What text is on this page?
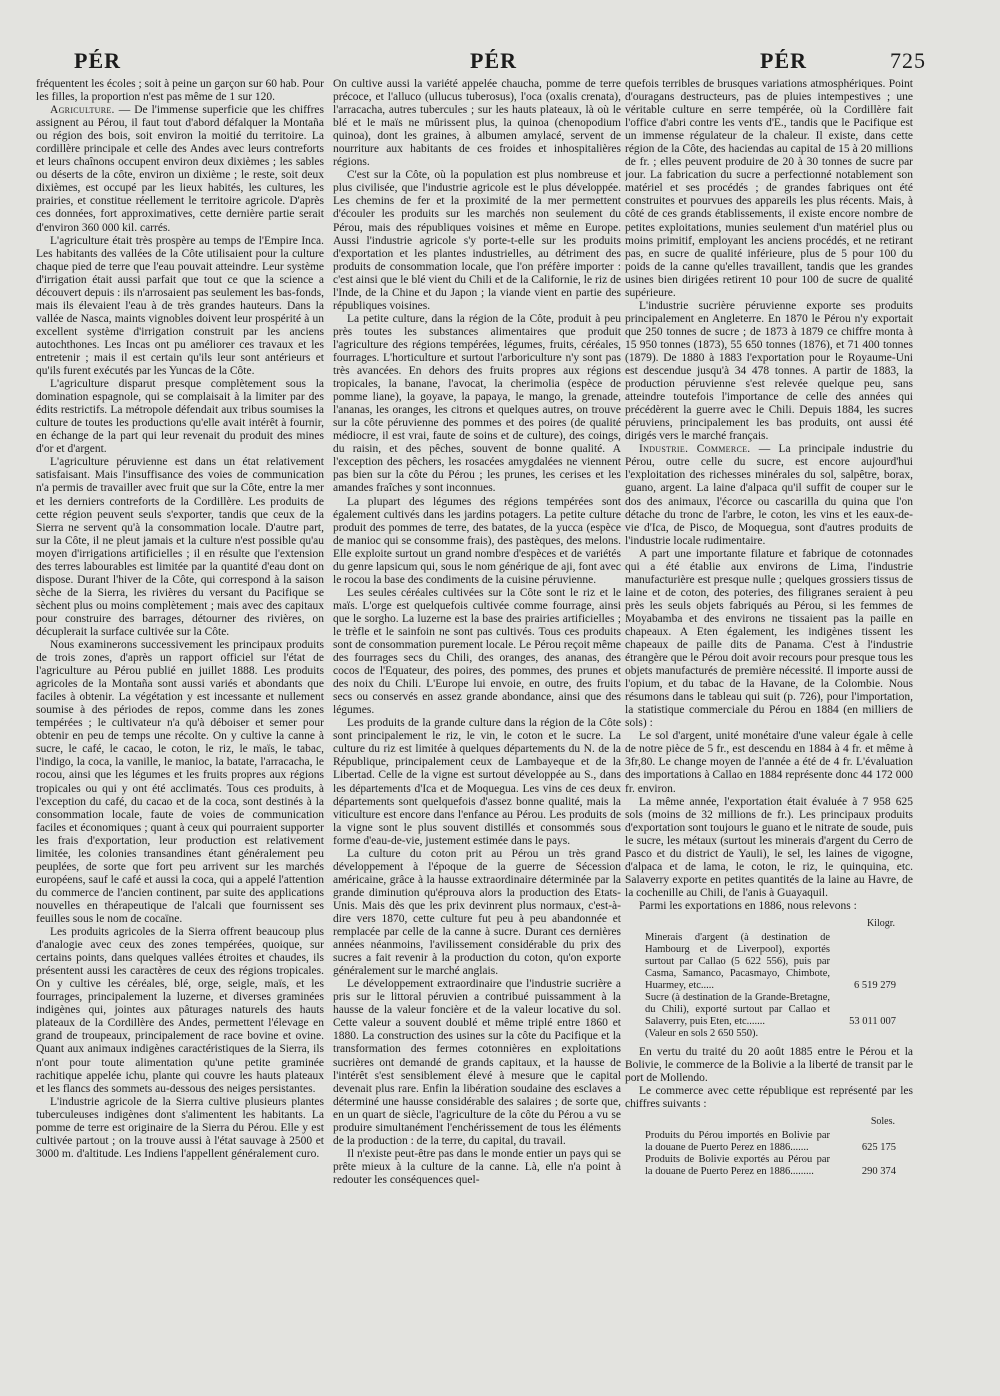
PÉR	PÉR	PÉR	725

fréquentent les écoles ; soit à peine un garçon sur 60 hab. Pour les filles, la proportion n'est pas même de 1 sur 120.

Agriculture. — De l'immense superficie que les chiffres assignent au Pérou, il faut tout d'abord défalquer la Montaña ou région des bois, soit environ la moitié du territoire. La cordillère principale et celle des Andes avec leurs contreforts et leurs chaînons occupent environ deux dixièmes ; les sables ou déserts de la côte, environ un dixième ; le reste, soit deux dixièmes, est occupé par les lieux habités, les cultures, les prairies, et constitue réellement le territoire agricole. D'après ces données, fort approximatives, cette dernière partie serait d'environ 360 000 kil. carrés.

L'agriculture était très prospère au temps de l'Empire Inca. Les habitants des vallées de la Côte utilisaient pour la culture chaque pied de terre que l'eau pouvait atteindre. Leur système d'irrigation était aussi parfait que tout ce que la science a découvert depuis : ils n'arrosaient pas seulement les bas-fonds, mais ils élevaient l'eau à de très grandes hauteurs. Dans la vallée de Nasca, maints vignobles doivent leur prospérité à un excellent système d'irrigation construit par les anciens autochthones. Les Incas ont pu améliorer ces travaux et les entretenir ; mais il est certain qu'ils leur sont antérieurs et qu'ils furent exécutés par les Yuncas de la Côte.

L'agriculture disparut presque complètement sous la domination espagnole, qui se complaisait à la limiter par des édits restrictifs. La métropole défendait aux tribus soumises la culture de toutes les productions qu'elle avait intérêt à fournir, en échange de la part qui leur revenait du produit des mines d'or et d'argent.

L'agriculture péruvienne est dans un état relativement satisfaisant. Mais l'insuffisance des voies de communication n'a permis de travailler avec fruit que sur la Côte, entre la mer et les derniers contreforts de la Cordillère. Les produits de cette région peuvent seuls s'exporter, tandis que ceux de la Sierra ne servent qu'à la consommation locale. D'autre part, sur la Côte, il ne pleut jamais et la culture n'est possible qu'au moyen d'irrigations artificielles ; il en résulte que l'extension des terres labourables est limitée par la quantité d'eau dont on dispose. Durant l'hiver de la Côte, qui correspond à la saison sèche de la Sierra, les rivières du versant du Pacifique se sèchent plus ou moins complètement ; mais avec des capitaux pour construire des barrages, détourner des rivières, on décuplerait la surface cultivée sur la Côte.

Nous examinerons successivement les principaux produits de trois zones, d'après un rapport officiel sur l'état de l'agriculture au Pérou publié en juillet 1888. Les produits agricoles de la Montaña sont aussi variés et abondants que faciles à obtenir. La végétation y est incessante et nullement soumise à des périodes de repos, comme dans les zones tempérées ; le cultivateur n'a qu'à déboiser et semer pour obtenir en peu de temps une récolte. On y cultive la canne à sucre, le café, le cacao, le coton, le riz, le maïs, le tabac, l'indigo, la coca, la vanille, le manioc, la batate, l'arracacha, le rocou, ainsi que les légumes et les fruits propres aux régions tropicales ou qui y ont été acclimatés. Tous ces produits, à l'exception du café, du cacao et de la coca, sont destinés à la consommation locale, faute de voies de communication faciles et économiques ; quant à ceux qui pourraient supporter les frais d'exportation, leur production est relativement limitée, les colonies transandines étant généralement peu peuplées, de sorte que fort peu arrivent sur les marchés européens, sauf le café et aussi la coca, qui a appelé l'attention du commerce de l'ancien continent, par suite des applications nouvelles en thérapeutique de l'alcali que fournissent ses feuilles sous le nom de cocaïne.

Les produits agricoles de la Sierra offrent beaucoup plus d'analogie avec ceux des zones tempérées, quoique, sur certains points, dans quelques vallées étroites et chaudes, ils présentent aussi les caractères de ceux des régions tropicales. On y cultive les céréales, blé, orge, seigle, maïs, et les fourrages, principalement la luzerne, et diverses graminées indigènes qui, jointes aux pâturages naturels des hauts plateaux de la Cordillère des Andes, permettent l'élevage en grand de troupeaux, principalement de race bovine et ovine. Quant aux animaux indigènes caractéristiques de la Sierra, ils n'ont pour toute alimentation qu'une petite graminée rachitique appelée ichu, plante qui couvre les hauts plateaux et les flancs des sommets au-dessous des neiges persistantes.

L'industrie agricole de la Sierra cultive plusieurs plantes tuberculeuses indigènes dont s'alimentent les habitants. La pomme de terre est originaire de la Sierra du Pérou. Elle y est cultivée partout ; on la trouve aussi à l'état sauvage à 2500 et 3000 m. d'altitude. Les Indiens l'appellent généralement curo.

On cultive aussi la variété appelée chaucha, pomme de terre précoce, et l'alluco (ullucus tuberosus), l'oca (oxalis crenata), l'arracacha, autres tubercules ; sur les hauts plateaux, là où le blé et le maïs ne mûrissent plus, la quinoa (chenopodium quinoa), dont les graines, à albumen amylacé, servent de nourriture aux habitants de ces froides et inhospitalières régions.

C'est sur la Côte, où la population est plus nombreuse et plus civilisée, que l'industrie agricole est le plus développée. Les chemins de fer et la proximité de la mer permettent d'écouler les produits sur les marchés non seulement du Pérou, mais des républiques voisines et même en Europe. Aussi l'industrie agricole s'y porte-t-elle sur les produits d'exportation et les plantes industrielles, au détriment des produits de consommation locale, que l'on préfère importer : c'est ainsi que le blé vient du Chili et de la Californie, le riz de l'Inde, de la Chine et du Japon ; la viande vient en partie des républiques voisines.

La petite culture, dans la région de la Côte, produit à peu près toutes les substances alimentaires que produit l'agriculture des régions tempérées, légumes, fruits, céréales, fourrages. L'horticulture et surtout l'arboriculture n'y sont pas très avancées. En dehors des fruits propres aux régions tropicales, la banane, l'avocat, la cherimolia (espèce de pomme liane), la goyave, la papaya, le mango, la grenade, l'ananas, les oranges, les citrons et quelques autres, on trouve sur la côte péruvienne des pommes et des poires (de qualité médiocre, il est vrai, faute de soins et de culture), des coings, du raisin, et des pêches, souvent de bonne qualité. A l'exception des pêchers, les rosacées amygdalées ne viennent pas bien sur la côte du Pérou ; les prunes, les cerises et les amandes fraîches y sont inconnues.

La plupart des légumes des régions tempérées sont également cultivés dans les jardins potagers. La petite culture produit des pommes de terre, des batates, de la yucca (espèce de manioc qui se consomme frais), des pastèques, des melons. Elle exploite surtout un grand nombre d'espèces et de variétés du genre lapsicum qui, sous le nom générique de aji, font avec le rocou la base des condiments de la cuisine péruvienne.

Les seules céréales cultivées sur la Côte sont le riz et le maïs. L'orge est quelquefois cultivée comme fourrage, ainsi que le sorgho. La luzerne est la base des prairies artificielles ; le trèfle et le sainfoin ne sont pas cultivés. Tous ces produits sont de consommation purement locale. Le Pérou reçoit même des fourrages secs du Chili, des oranges, des ananas, des cocos de l'Equateur, des poires, des pommes, des prunes et des noix du Chili. L'Europe lui envoie, en outre, des fruits secs ou conservés en assez grande abondance, ainsi que des légumes.

Les produits de la grande culture dans la région de la Côte sont principalement le riz, le vin, le coton et le sucre. La culture du riz est limitée à quelques départements du N. de la République, principalement ceux de Lambayeque et de la Libertad. Celle de la vigne est surtout développée au S., dans les départements d'Ica et de Moquegua. Les vins de ces deux départements sont quelquefois d'assez bonne qualité, mais la viticulture est encore dans l'enfance au Pérou. Les produits de la vigne sont le plus souvent distillés et consommés sous forme d'eau-de-vie, justement estimée dans le pays.

La culture du coton prit au Pérou un très grand développement à l'époque de la guerre de Sécession américaine, grâce à la hausse extraordinaire déterminée par la grande diminution qu'éprouva alors la production des Etats-Unis. Mais dès que les prix devinrent plus normaux, c'est-à-dire vers 1870, cette culture fut peu à peu abandonnée et remplacée par celle de la canne à sucre. Durant ces dernières années néanmoins, l'avilissement considérable du prix des sucres a fait revenir à la production du coton, qu'on exporte généralement sur le marché anglais.

Le développement extraordinaire que l'industrie sucrière a pris sur le littoral péruvien a contribué puissamment à la hausse de la valeur foncière et de la valeur locative du sol. Cette valeur a souvent doublé et même triplé entre 1860 et 1880. La construction des usines sur la côte du Pacifique et la transformation des fermes cotonnières en exploitations sucrières ont demandé de grands capitaux, et la hausse de l'intérêt s'est sensiblement élevé à mesure que le capital devenait plus rare. Enfin la libération soudaine des esclaves a déterminé une hausse considérable des salaires ; de sorte que, en un quart de siècle, l'agriculture de la côte du Pérou a vu se produire simultanément l'enchérissement de tous les éléments de la production : de la terre, du capital, du travail.

Il n'existe peut-être pas dans le monde entier un pays qui se prête mieux à la culture de la canne. Là, elle n'a point à redouter les conséquences quel-

quefois terribles de brusques variations atmosphériques. Point d'ouragans destructeurs, pas de pluies intempestives ; une véritable culture en serre tempérée, où la Cordillère fait l'office d'abri contre les vents d'E., tandis que le Pacifique est un immense régulateur de la chaleur. Il existe, dans cette région de la Côte, des haciendas au capital de 15 à 20 millions de fr. ; elles peuvent produire de 20 à 30 tonnes de sucre par jour. La fabrication du sucre a perfectionné notablement son matériel et ses procédés ; de grandes fabriques ont été construites et pourvues des appareils les plus récents. Mais, à côté de ces grands établissements, il existe encore nombre de petites exploitations, munies seulement d'un matériel plus ou moins primitif, employant les anciens procédés, et ne retirant pas, en sucre de qualité inférieure, plus de 5 pour 100 du poids de la canne qu'elles travaillent, tandis que les grandes usines bien dirigées retirent 10 pour 100 de sucre de qualité supérieure.

L'industrie sucrière péruvienne exporte ses produits principalement en Angleterre. En 1870 le Pérou n'y exportait que 250 tonnes de sucre ; de 1873 à 1879 ce chiffre monta à 15 950 tonnes (1873), 55 650 tonnes (1876), et 71 400 tonnes (1879). De 1880 à 1883 l'exportation pour le Royaume-Uni est descendue jusqu'à 34 478 tonnes. A partir de 1883, la production péruvienne s'est relevée quelque peu, sans atteindre toutefois l'importance de celle des années qui précédèrent la guerre avec le Chili. Depuis 1884, les sucres péruviens, principalement les bas produits, ont aussi été dirigés vers le marché français.

Industrie. Commerce. — La principale industrie du Pérou, outre celle du sucre, est encore aujourd'hui l'exploitation des richesses minérales du sol, salpêtre, borax, guano, argent. La laine d'alpaca qu'il suffit de couper sur le dos des animaux, l'écorce ou cascarilla du quina que l'on détache du tronc de l'arbre, le coton, les vins et les eaux-de-vie d'Ica, de Pisco, de Moquegua, sont d'autres produits de l'industrie locale rudimentaire.

A part une importante filature et fabrique de cotonnades qui a été établie aux environs de Lima, l'industrie manufacturière est presque nulle ; quelques grossiers tissus de laine et de coton, des poteries, des filigranes seraient à peu près les seuls objets fabriqués au Pérou, si les femmes de Moyabamba et des environs ne tissaient pas la paille en chapeaux. A Eten également, les indigènes tissent les chapeaux de paille dits de Panama. C'est à l'industrie étrangère que le Pérou doit avoir recours pour presque tous les objets manufacturés de première nécessité. Il importe aussi de l'opium, et du tabac de la Havane, de la Colombie. Nous résumons dans le tableau qui suit (p. 726), pour l'importation, la statistique commerciale du Pérou en 1884 (en milliers de sols) :

Le sol d'argent, unité monétaire d'une valeur égale à celle de notre pièce de 5 fr., est descendu en 1884 à 4 fr. et même à 3fr,80. Le change moyen de l'année a été de 4 fr. L'évaluation des importations à Callao en 1884 représente donc 44 172 000 fr. environ.

La même année, l'exportation était évaluée à 7 958 625 sols (moins de 32 millions de fr.). Les principaux produits d'exportation sont toujours le guano et le nitrate de soude, puis le sucre, les métaux (surtout les minerais d'argent du Cerro de Pasco et du district de Yauli), le sel, les laines de vigogne, d'alpaca et de lama, le coton, le riz, le quinquina, etc. Salaverry exporte en petites quantités de la laine au Havre, de la cochenille au Chili, de l'anis à Guayaquil.

Parmi les exportations en 1886, nous relevons :

Kilogr.
Minerais d'argent (à destination de Hambourg et de Liverpool), exportés surtout par Callao (5 622 556), puis par Casma, Samanco, Pacasmayo, Chimbote, Huarmey, etc.....	6 519 279
Sucre (à destination de la Grande-Bretagne, du Chili), exporté surtout par Callao et Salaverry, puis Eten, etc.......	53 011 007
(Valeur en sols 2 650 550).	

En vertu du traité du 20 août 1885 entre le Pérou et la Bolivie, le commerce de la Bolivie a la liberté de transit par le port de Mollendo.

Le commerce avec cette république est représenté par les chiffres suivants :

Soles.
Produits du Pérou importés en Bolivie par la douane de Puerto Perez en 1886.......	625 175
Produits de Bolivie exportés au Pérou par la douane de Puerto Perez en 1886.........	290 374
